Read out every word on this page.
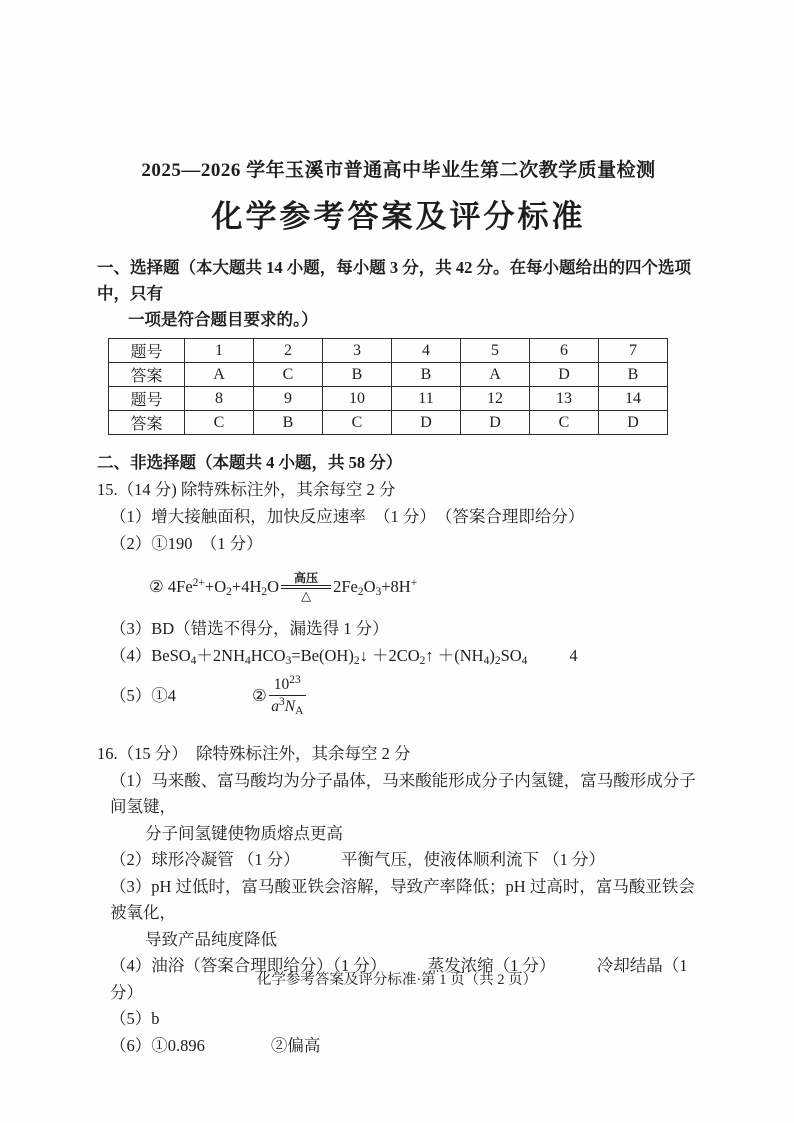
2025—2026 学年玉溪市普通高中毕业生第二次教学质量检测
化学参考答案及评分标准
一、选择题（本大题共 14 小题，每小题 3 分，共 42 分。在每小题给出的四个选项中，只有
一项是符合题目要求的。）
题号	1	2	3	4	5	6	7
答案	A	C	B	B	A	D	B
题号	8	9	10	11	12	13	14
答案	C	B	C	D	D	C	D
二、非选择题（本题共 4 小题，共 58 分）
15.（14 分) 除特殊标注外，其余每空 2 分
（1）增大接触面积，加快反应速率　（1 分）　（答案合理即给分）
（2）①190　（1 分）
② $4Fe^{2+}+O_2+4H_2O$ 高压
△ $2Fe_2O_3+8H^+$
（3）BD（错选不得分，漏选得 1 分）
$(4)BeSO_4+2NH_4HCO_3=Be(OH)_2↓$ $+2CO_2↑ +(NH_4)_2SO_4$	4
（5）①4	② $\frac{10^{23}}{a^3N_A}$
16.（15 分）　除特殊标注外，其余每空 2 分
（1）马来酸、富马酸均为分子晶体，马来酸能形成分子内氢键，富马酸形成分子间氢键，
分子间氢键使物质熔点更高
（2）球形冷凝管 （1 分）　　　平衡气压，使液体顺利流下 （1 分）
（3）pH 过低时，富马酸亚铁会溶解，导致产率降低；pH 过高时，富马酸亚铁会被氧化，
导致产品纯度降低
（4）油浴（答案合理即给分）（1 分）　　　蒸发浓缩（1 分）　　　冷却结晶（1 分）
（5）b
（6）①0.896　　　　②偏高
化学参考答案及评分标准·第 1 页（共 2 页）
